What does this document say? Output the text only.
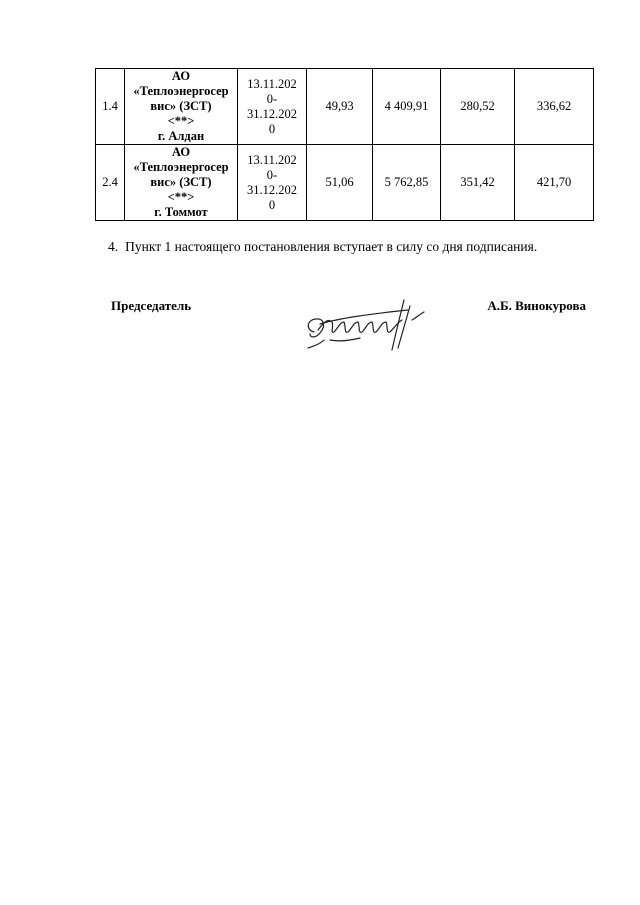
1.4	АО
«Теплоэнергосер
вис» (ЗСТ)
<**>
г. Алдан	13.11.202
0-
31.12.202
0	49,93	4 409,91	280,52	336,62
2.4	АО
«Теплоэнергосер
вис» (ЗСТ)
<**>
г. Томмот	13.11.202
0-
31.12.202
0	51,06	5 762,85	351,42	421,70
4. Пункт 1 настоящего постановления вступает в силу со дня подписания.
Председатель	А.Б. Винокурова
